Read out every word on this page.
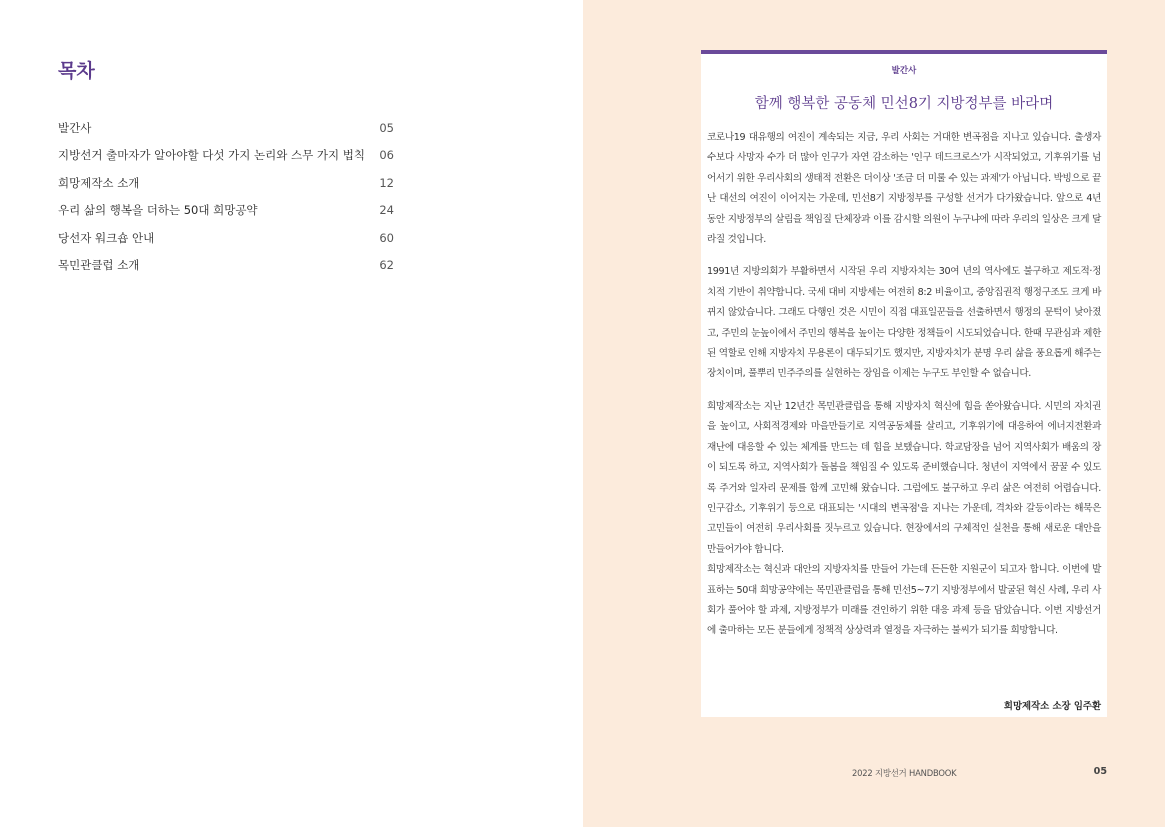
목차
발간사	05
지방선거 출마자가 알아야할 다섯 가지 논리와 스무 가지 법칙 06
희망제작소 소개	12
우리 삶의 행복을 더하는 50대 희망공약	24
당선자 워크숍 안내	60
목민관클럽 소개	62
발간사
함께 행복한 공동체 민선8기 지방정부를 바라며

코로나19 대유행의 여진이 계속되는 지금, 우리 사회는 거대한 변곡점을 지나고 있습니다. 출생자 수보다 사망자 수가 더 많아 인구가 자연 감소하는 '인구 데드크로스'가 시작되었고, 기후위기를 넘어서기 위한 우리사회의 생태적 전환은 더이상 '조금 더 미룰 수 있는 과제'가 아닙니다. 박빙으로 끝난 대선의 여진이 이어지는 가운데, 민선8기 지방정부를 구성할 선거가 다가왔습니다. 앞으로 4년 동안 지방정부의 살림을 책임질 단체장과 이를 감시할 의원이 누구냐에 따라 우리의 일상은 크게 달라질 것입니다.

1991년 지방의회가 부활하면서 시작된 우리 지방자치는 30여 년의 역사에도 불구하고 제도적·정치적 기반이 취약합니다. 국세 대비 지방세는 여전히 8:2 비율이고, 중앙집권적 행정구조도 크게 바뀌지 않았습니다. 그래도 다행인 것은 시민이 직접 대표일꾼들을 선출하면서 행정의 문턱이 낮아졌고, 주민의 눈높이에서 주민의 행복을 높이는 다양한 정책들이 시도되었습니다. 한때 무관심과 제한된 역할로 인해 지방자치 무용론이 대두되기도 했지만, 지방자치가 분명 우리 삶을 풍요롭게 해주는 장치이며, 풀뿌리 민주주의를 실현하는 장임을 이제는 누구도 부인할 수 없습니다.

희망제작소는 지난 12년간 목민관클럽을 통해 지방자치 혁신에 힘을 쏟아왔습니다. 시민의 자치권을 높이고, 사회적경제와 마을만들기로 지역공동체를 살리고, 기후위기에 대응하여 에너지전환과 재난에 대응할 수 있는 체계를 만드는 데 힘을 보탰습니다. 학교담장을 넘어 지역사회가 배움의 장이 되도록 하고, 지역사회가 돌봄을 책임질 수 있도록 준비했습니다. 청년이 지역에서 꿈꿀 수 있도록 주거와 일자리 문제를 함께 고민해 왔습니다. 그럼에도 불구하고 우리 삶은 여전히 어렵습니다. 인구감소, 기후위기 등으로 대표되는 '시대의 변곡점'을 지나는 가운데, 격차와 갈등이라는 해묵은 고민들이 여전히 우리사회를 짓누르고 있습니다. 현장에서의 구체적인 실천을 통해 새로운 대안을 만들어가야 합니다.

희망제작소는 혁신과 대안의 지방자치를 만들어 가는데 든든한 지원군이 되고자 합니다. 이번에 발표하는 50대 희망공약에는 목민관클럽을 통해 민선5~7기 지방정부에서 발굴된 혁신 사례, 우리 사회가 풀어야 할 과제, 지방정부가 미래를 견인하기 위한 대응 과제 등을 담았습니다. 이번 지방선거에 출마하는 모든 분들에게 정책적 상상력과 열정을 자극하는 불씨가 되기를 희망합니다.

희망제작소 소장 임주환
2022 지방선거 HANDBOOK	05
